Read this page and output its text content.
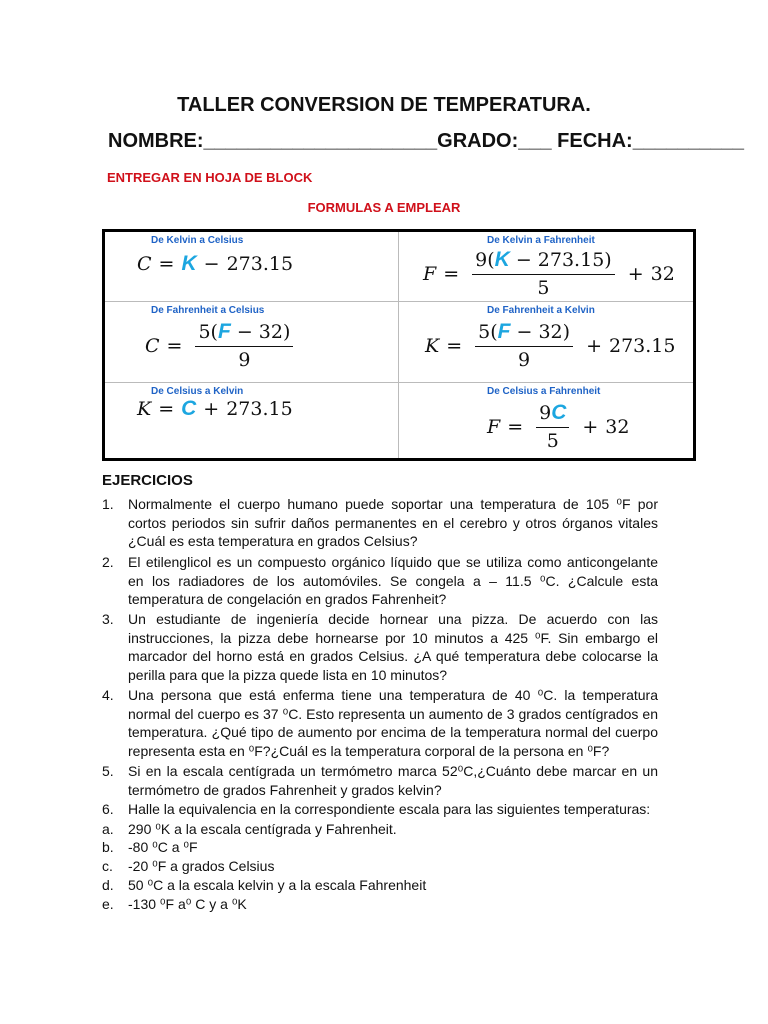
TALLER CONVERSION DE TEMPERATURA.
NOMBRE:_____________________GRADO:___ FECHA:__________
ENTREGAR EN HOJA DE BLOCK
FORMULAS A EMPLEAR
De Kelvin a Celsius
C = K − 273.15
De Kelvin a Fahrenheit
$F = \frac{9(K - 273.15)}{5} + 32$
De Fahrenheit a Celsius
$C = \frac{5(F - 32)}{9}$
De Fahrenheit a Kelvin
$K = \frac{5(F - 32)}{9} + 273.15$
De Celsius a Kelvin
K = C + 273.15
De Celsius a Fahrenheit
$F = \frac{9C}{5} + 32$
EJERCICIOS
1. Normalmente el cuerpo humano puede soportar una temperatura de 105 ⁰F por cortos periodos sin sufrir daños permanentes en el cerebro y otros órganos vitales ¿Cuál es esta temperatura en grados Celsius?
2. El etilenglicol es un compuesto orgánico líquido que se utiliza como anticongelante en los radiadores de los automóviles. Se congela a – 11.5 ⁰C. ¿Calcule esta temperatura de congelación en grados Fahrenheit?
3. Un estudiante de ingeniería decide hornear una pizza. De acuerdo con las instrucciones, la pizza debe hornearse por 10 minutos a 425 ⁰F. Sin embargo el marcador del horno está en grados Celsius. ¿A qué temperatura debe colocarse la perilla para que la pizza quede lista en 10 minutos?
4. Una persona que está enferma tiene una temperatura de 40 ⁰C. la temperatura normal del cuerpo es 37 ⁰C. Esto representa un aumento de 3 grados centígrados en temperatura. ¿Qué tipo de aumento por encima de la temperatura normal del cuerpo representa esta en ⁰F?¿Cuál es la temperatura corporal de la persona en ⁰F?
5. Si en la escala centígrada un termómetro marca 52⁰C,¿Cuánto debe marcar en un termómetro de grados Fahrenheit y grados kelvin?
6. Halle la equivalencia en la correspondiente escala para las siguientes temperaturas:
a. 290 ⁰K a la escala centígrada y Fahrenheit.
b. -80 ⁰C a ⁰F
c. -20 ⁰F a grados Celsius
d. 50 ⁰C a la escala kelvin y a la escala Fahrenheit
e. -130 ⁰F a⁰ C y a ⁰K
